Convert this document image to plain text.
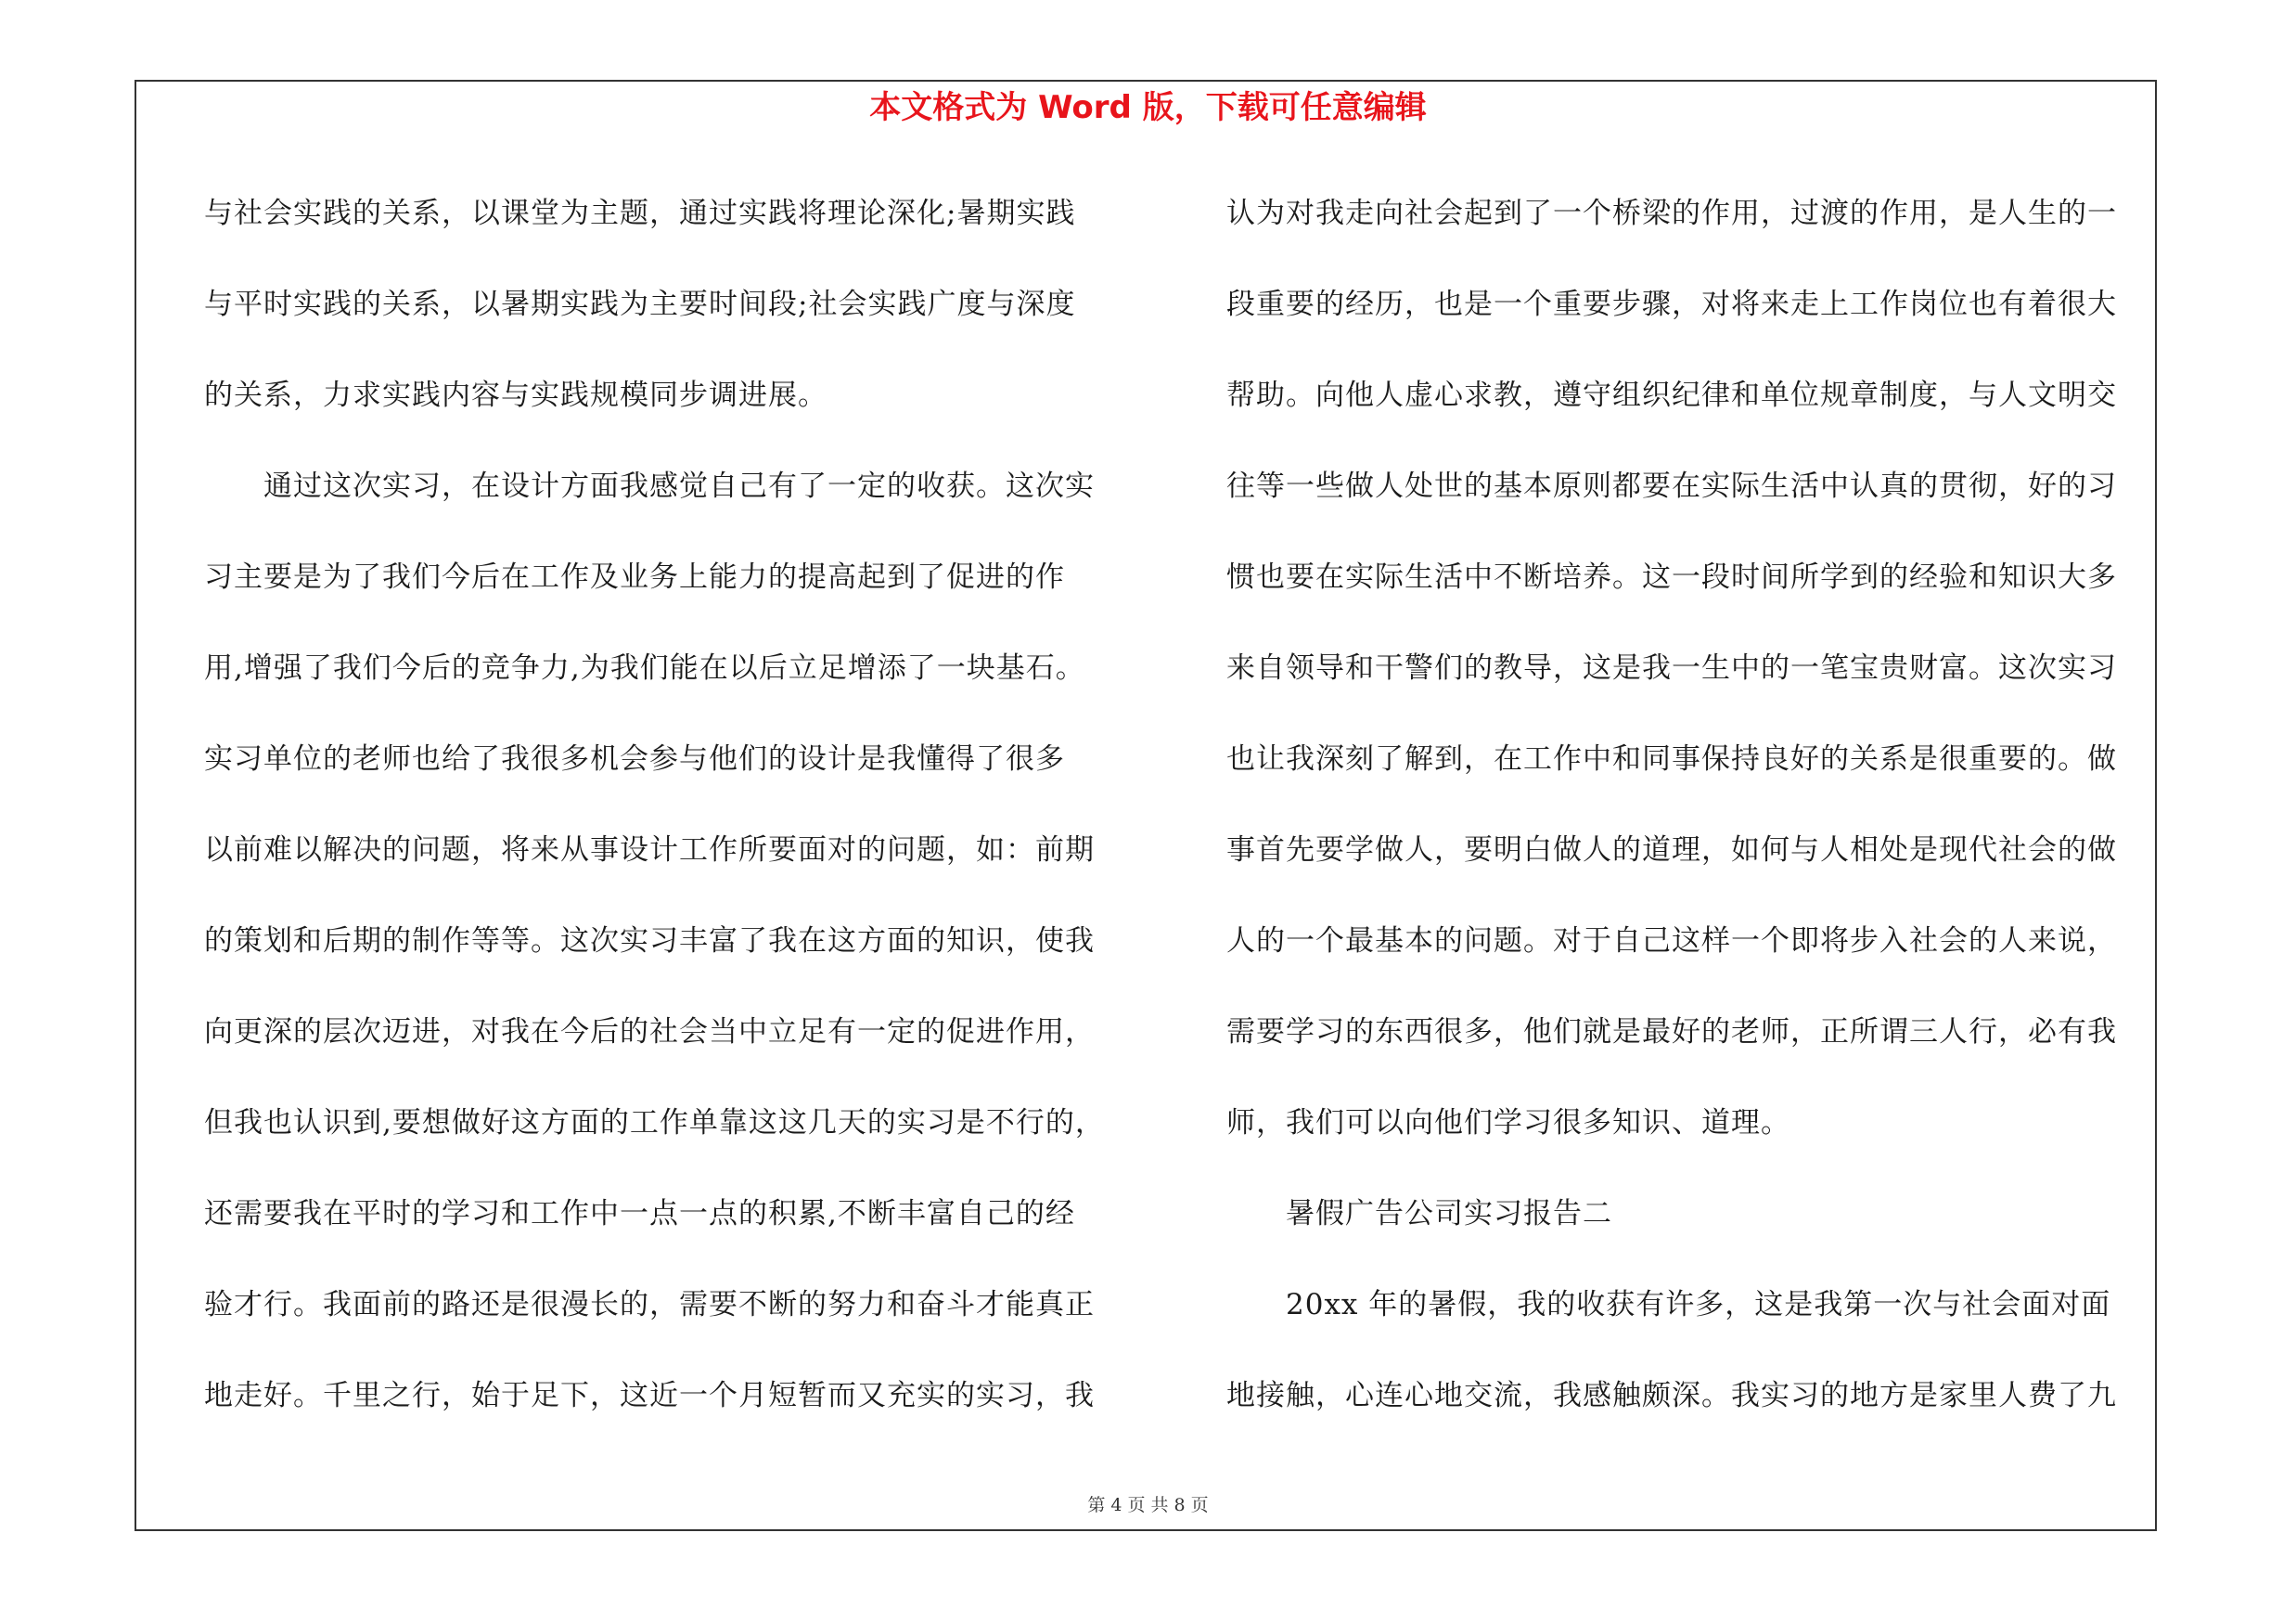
本文格式为 Word 版，下载可任意编辑
与社会实践的关系，以课堂为主题，通过实践将理论深化;暑期实践
与平时实践的关系，以暑期实践为主要时间段;社会实践广度与深度
的关系，力求实践内容与实践规模同步调进展。
　　通过这次实习，在设计方面我感觉自己有了一定的收获。这次实
习主要是为了我们今后在工作及业务上能力的提高起到了促进的作
用,增强了我们今后的竞争力,为我们能在以后立足增添了一块基石。
实习单位的老师也给了我很多机会参与他们的设计是我懂得了很多
以前难以解决的问题，将来从事设计工作所要面对的问题，如：前期
的策划和后期的制作等等。这次实习丰富了我在这方面的知识，使我
向更深的层次迈进，对我在今后的社会当中立足有一定的促进作用，
但我也认识到,要想做好这方面的工作单靠这这几天的实习是不行的，
还需要我在平时的学习和工作中一点一点的积累,不断丰富自己的经
验才行。我面前的路还是很漫长的，需要不断的努力和奋斗才能真正
地走好。千里之行，始于足下，这近一个月短暂而又充实的实习，我
认为对我走向社会起到了一个桥梁的作用，过渡的作用，是人生的一
段重要的经历，也是一个重要步骤，对将来走上工作岗位也有着很大
帮助。向他人虚心求教，遵守组织纪律和单位规章制度，与人文明交
往等一些做人处世的基本原则都要在实际生活中认真的贯彻，好的习
惯也要在实际生活中不断培养。这一段时间所学到的经验和知识大多
来自领导和干警们的教导，这是我一生中的一笔宝贵财富。这次实习
也让我深刻了解到，在工作中和同事保持良好的关系是很重要的。做
事首先要学做人，要明白做人的道理，如何与人相处是现代社会的做
人的一个最基本的问题。对于自己这样一个即将步入社会的人来说，
需要学习的东西很多，他们就是最好的老师，正所谓三人行，必有我
师，我们可以向他们学习很多知识、道理。
　　暑假广告公司实习报告二
　　20xx 年的暑假，我的收获有许多，这是我第一次与社会面对面
地接触，心连心地交流，我感触颇深。我实习的地方是家里人费了九
第 4 页 共 8 页
